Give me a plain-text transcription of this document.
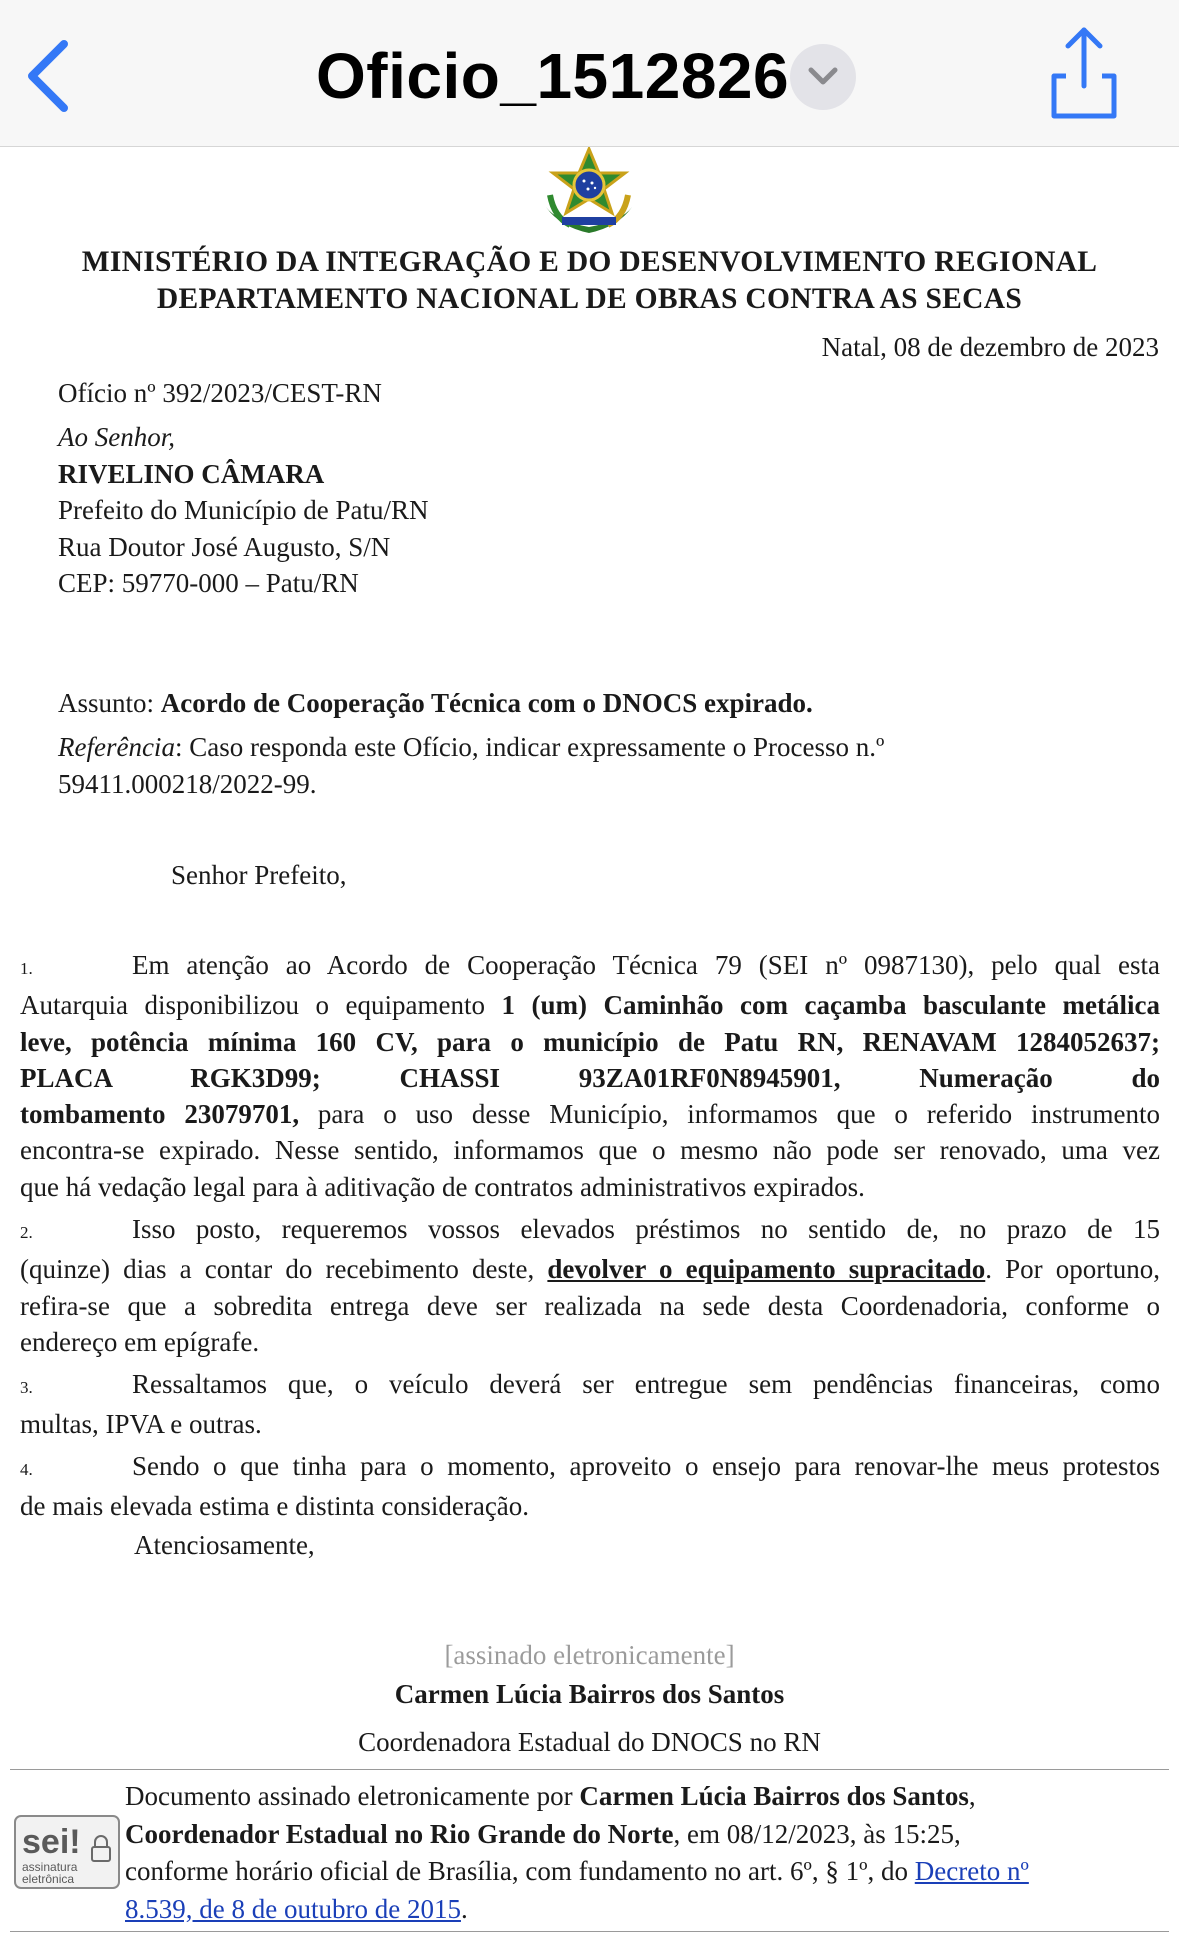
Oficio_1512826
MINISTÉRIO DA INTEGRAÇÃO E DO DESENVOLVIMENTO REGIONAL
DEPARTAMENTO NACIONAL DE OBRAS CONTRA AS SECAS
Natal, 08 de dezembro de 2023
Ofício nº 392/2023/CEST-RN
Ao Senhor,
RIVELINO CÂMARA
Prefeito do Município de Patu/RN
Rua Doutor José Augusto, S/N
CEP: 59770-000 – Patu/RN
Assunto: Acordo de Cooperação Técnica com o DNOCS expirado.
Referência: Caso responda este Ofício, indicar expressamente o Processo n.º
59411.000218/2022-99.
Senhor Prefeito,
1.	Em atenção ao Acordo de Cooperação Técnica 79 (SEI nº 0987130), pelo qual esta
Autarquia disponibilizou o equipamento 1 (um) Caminhão com caçamba basculante metálica
leve, potência mínima 160 CV, para o município de Patu RN, RENAVAM 1284052637;
PLACA RGK3D99; CHASSI 93ZA01RF0N8945901, Numeração do
tombamento 23079701, para o uso desse Município, informamos que o referido instrumento
encontra-se expirado. Nesse sentido, informamos que o mesmo não pode ser renovado, uma vez
que há vedação legal para à aditivação de contratos administrativos expirados.
2.	Isso posto, requeremos vossos elevados préstimos no sentido de, no prazo de 15
(quinze) dias a contar do recebimento deste, devolver o equipamento supracitado. Por oportuno,
refira-se que a sobredita entrega deve ser realizada na sede desta Coordenadoria, conforme o
endereço em epígrafe.
3.	Ressaltamos que, o veículo deverá ser entregue sem pendências financeiras, como
multas, IPVA e outras.
4.	Sendo o que tinha para o momento, aproveito o ensejo para renovar-lhe meus protestos
de mais elevada estima e distinta consideração.
Atenciosamente,
[assinado eletronicamente]
Carmen Lúcia Bairros dos Santos
Coordenadora Estadual do DNOCS no RN
sei!
assinatura
eletrônica
Documento assinado eletronicamente por Carmen Lúcia Bairros dos Santos,
Coordenador Estadual no Rio Grande do Norte, em 08/12/2023, às 15:25,
conforme horário oficial de Brasília, com fundamento no art. 6º, § 1º, do Decreto nº
8.539, de 8 de outubro de 2015.
